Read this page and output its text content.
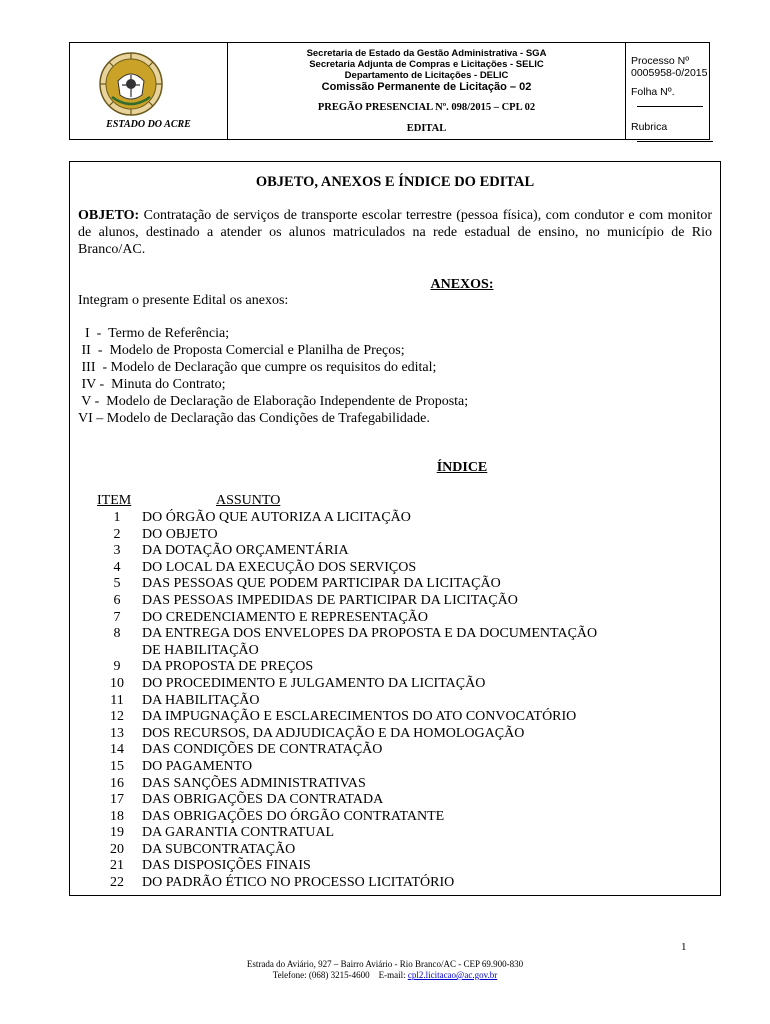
ESTADO DO ACRE
Secretaria de Estado da Gestão Administrativa - SGA
Secretaria Adjunta de Compras e Licitações - SELIC
Departamento de Licitações - DELIC
Comissão Permanente de Licitação – 02
PREGÃO PRESENCIAL Nº. 098/2015 – CPL 02
EDITAL
Processo Nº 0005958-0/2015
Folha Nº.
Rubrica
OBJETO, ANEXOS E ÍNDICE DO EDITAL
OBJETO: Contratação de serviços de transporte escolar terrestre (pessoa física), com condutor e com monitor de alunos, destinado a atender os alunos matriculados na rede estadual de ensino, no município de Rio Branco/AC.
ANEXOS:
Integram o presente Edital os anexos:
I  -  Termo de Referência;
II  -  Modelo de Proposta Comercial e Planilha de Preços;
III  - Modelo de Declaração que cumpre os requisitos do edital;
IV -  Minuta do Contrato;
V -  Modelo de Declaração de Elaboração Independente de Proposta;
VI – Modelo de Declaração das Condições de Trafegabilidade.
ÍNDICE
ITEM	ASSUNTO
1	DO ÓRGÃO QUE AUTORIZA A LICITAÇÃO
2	DO OBJETO
3	DA DOTAÇÃO ORÇAMENTÁRIA
4	DO LOCAL DA EXECUÇÃO DOS SERVIÇOS
5	DAS PESSOAS QUE PODEM PARTICIPAR DA LICITAÇÃO
6	DAS PESSOAS IMPEDIDAS DE PARTICIPAR DA LICITAÇÃO
7	DO CREDENCIAMENTO E REPRESENTAÇÃO
8	DA ENTREGA DOS ENVELOPES DA PROPOSTA E DA DOCUMENTAÇÃO
DE HABILITAÇÃO
9	DA PROPOSTA DE PREÇOS
10	DO PROCEDIMENTO E JULGAMENTO DA LICITAÇÃO
11	DA HABILITAÇÃO
12	DA IMPUGNAÇÃO E ESCLARECIMENTOS DO ATO CONVOCATÓRIO
13	DOS RECURSOS, DA ADJUDICAÇÃO E DA HOMOLOGAÇÃO
14	DAS CONDIÇÕES DE CONTRATAÇÃO
15	DO PAGAMENTO
16	DAS SANÇÕES ADMINISTRATIVAS
17	DAS OBRIGAÇÕES DA CONTRATADA
18	DAS OBRIGAÇÕES DO ÓRGÃO CONTRATANTE
19	DA GARANTIA CONTRATUAL
20	DA SUBCONTRATAÇÃO
21	DAS DISPOSIÇÕES FINAIS
22	DO PADRÃO ÉTICO NO PROCESSO LICITATÓRIO
1
Estrada do Aviário, 927 – Bairro Aviário - Rio Branco/AC - CEP 69.900-830
Telefone: (068) 3215-4600    E-mail: cpl2.licitacao@ac.gov.br
